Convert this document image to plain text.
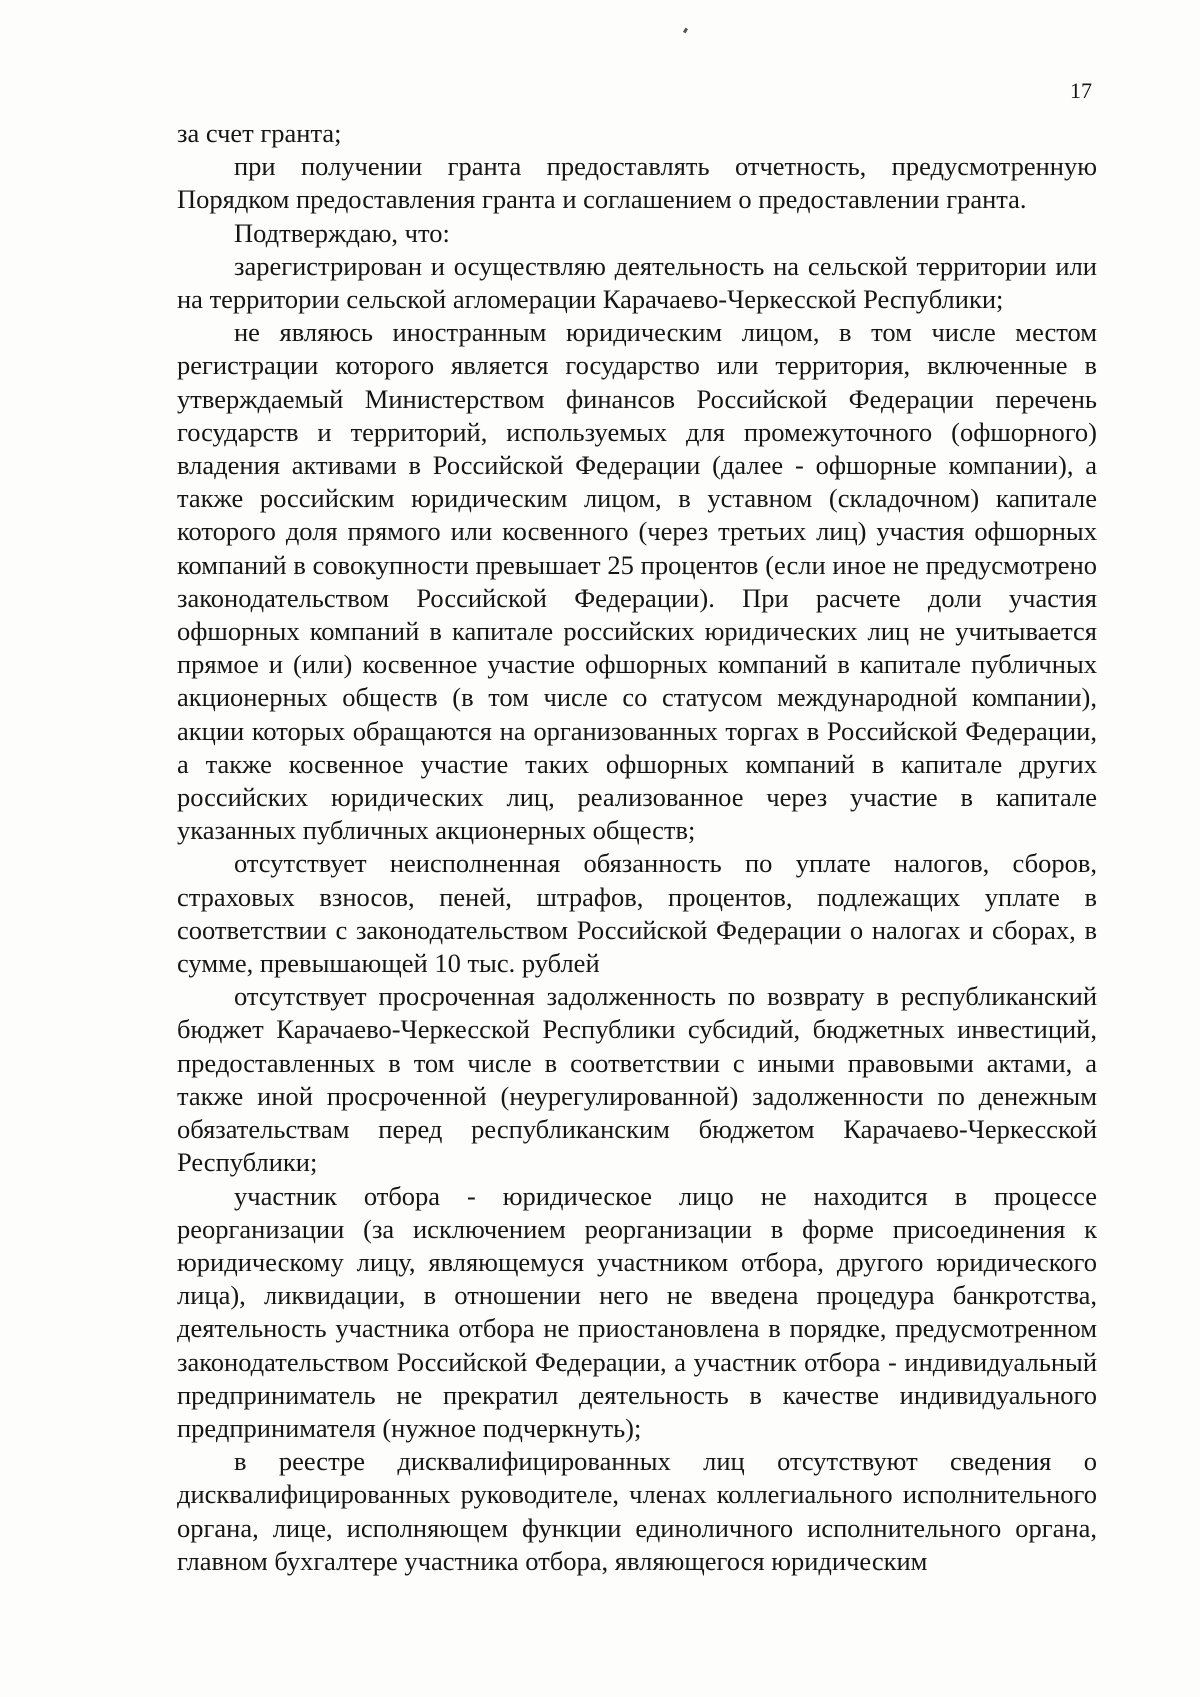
17

за счет гранта;

при получении гранта предоставлять отчетность, предусмотренную Порядком предоставления гранта и соглашением о предоставлении гранта.

Подтверждаю, что:

зарегистрирован и осуществляю деятельность на сельской территории или на территории сельской агломерации Карачаево-Черкесской Республики;

не являюсь иностранным юридическим лицом, в том числе местом регистрации которого является государство или территория, включенные в утверждаемый Министерством финансов Российской Федерации перечень государств и территорий, используемых для промежуточного (офшорного) владения активами в Российской Федерации (далее - офшорные компании), а также российским юридическим лицом, в уставном (складочном) капитале которого доля прямого или косвенного (через третьих лиц) участия офшорных компаний в совокупности превышает 25 процентов (если иное не предусмотрено законодательством Российской Федерации). При расчете доли участия офшорных компаний в капитале российских юридических лиц не учитывается прямое и (или) косвенное участие офшорных компаний в капитале публичных акционерных обществ (в том числе со статусом международной компании), акции которых обращаются на организованных торгах в Российской Федерации, а также косвенное участие таких офшорных компаний в капитале других российских юридических лиц, реализованное через участие в капитале указанных публичных акционерных обществ;

отсутствует неисполненная обязанность по уплате налогов, сборов, страховых взносов, пеней, штрафов, процентов, подлежащих уплате в соответствии с законодательством Российской Федерации о налогах и сборах, в сумме, превышающей 10 тыс. рублей

отсутствует просроченная задолженность по возврату в республиканский бюджет Карачаево-Черкесской Республики субсидий, бюджетных инвестиций, предоставленных в том числе в соответствии с иными правовыми актами, а также иной просроченной (неурегулированной) задолженности по денежным обязательствам перед республиканским бюджетом Карачаево-Черкесской Республики;

участник отбора - юридическое лицо не находится в процессе реорганизации (за исключением реорганизации в форме присоединения к юридическому лицу, являющемуся участником отбора, другого юридического лица), ликвидации, в отношении него не введена процедура банкротства, деятельность участника отбора не приостановлена в порядке, предусмотренном законодательством Российской Федерации, а участник отбора - индивидуальный предприниматель не прекратил деятельность в качестве индивидуального предпринимателя (нужное подчеркнуть);

в реестре дисквалифицированных лиц отсутствуют сведения о дисквалифицированных руководителе, членах коллегиального исполнительного органа, лице, исполняющем функции единоличного исполнительного органа, главном бухгалтере участника отбора, являющегося юридическим
